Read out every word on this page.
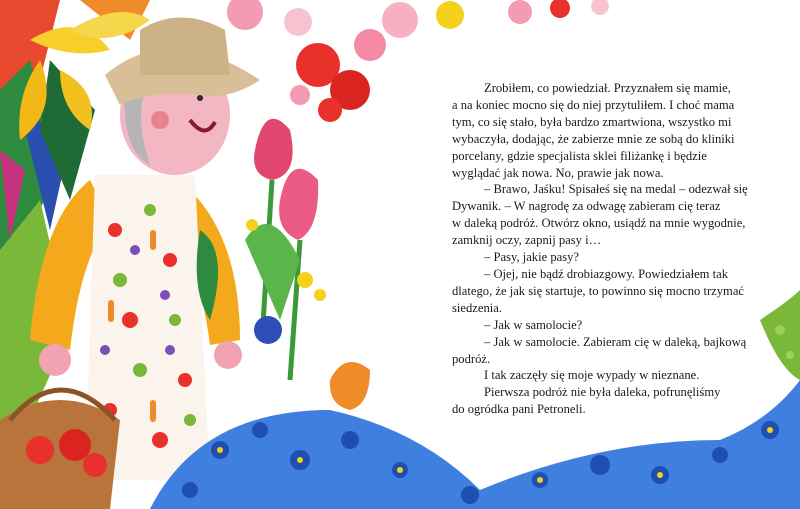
Zrobiłem, co powiedział. Przyznałem się mamie,
a na koniec mocno się do niej przytuliłem. I choć mama
tym, co się stało, była bardzo zmartwiona, wszystko mi
wybaczyła, dodając, że zabierze mnie ze sobą do kliniki
porcelany, gdzie specjalista sklei filiżankę i będzie
wyglądać jak nowa. No, prawie jak nowa.
– Brawo, Jaśku! Spisałeś się na medal – odezwał się
Dywanik. – W nagrodę za odwagę zabieram cię teraz
w daleką podróż. Otwórz okno, usiądź na mnie wygodnie,
zamknij oczy, zapnij pasy i…
– Pasy, jakie pasy?
– Ojej, nie bądź drobiazgowy. Powiedziałem tak
dlatego, że jak się startuje, to powinno się mocno trzymać
siedzenia.
– Jak w samolocie?
– Jak w samolocie. Zabieram cię w daleką, bajkową
podróż.
I tak zaczęły się moje wypady w nieznane.
Pierwsza podróż nie była daleka, pofrunęliśmy
do ogródka pani Petroneli.
